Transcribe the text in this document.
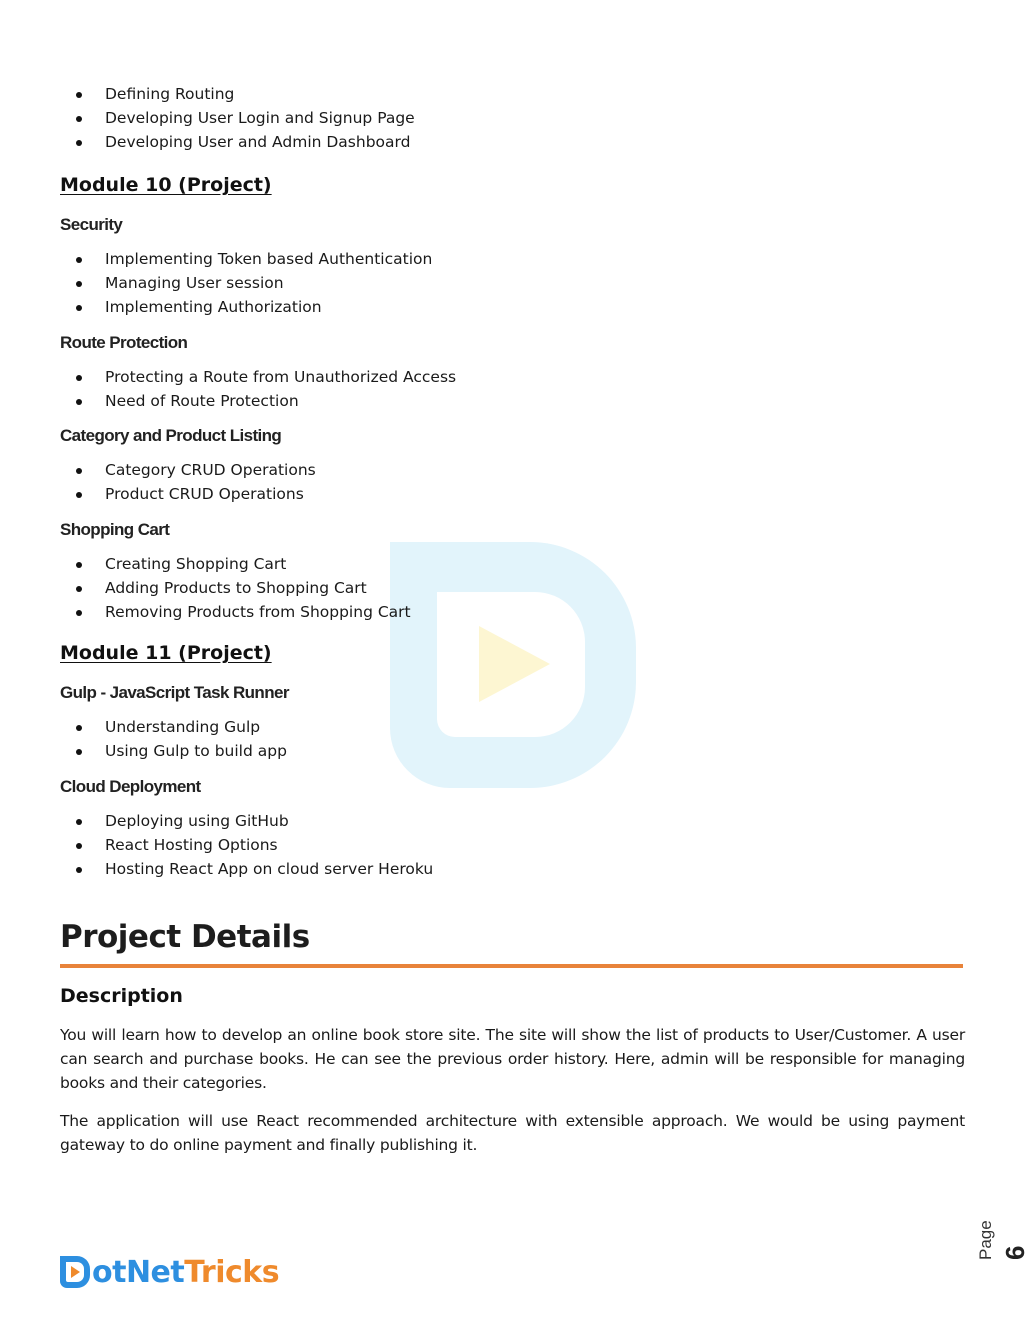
Defining Routing
Developing User Login and Signup Page
Developing User and Admin Dashboard
Module 10 (Project)
Security
Implementing Token based Authentication
Managing User session
Implementing Authorization
Route Protection
Protecting a Route from Unauthorized Access
Need of Route Protection
Category and Product Listing
Category CRUD Operations
Product CRUD Operations
Shopping Cart
Creating Shopping Cart
Adding Products to Shopping Cart
Removing Products from Shopping Cart
Module 11 (Project)
Gulp - JavaScript Task Runner
Understanding Gulp
Using Gulp to build app
Cloud Deployment
Deploying using GitHub
React Hosting Options
Hosting React App on cloud server Heroku
Project Details
Description

You will learn how to develop an online book store site. The site will show the list of products to User/Customer. A user can search and purchase books. He can see the previous order history. Here, admin will be responsible for managing books and their categories.

The application will use React recommended architecture with extensible approach. We would be using payment gateway to do online payment and finally publishing it.

Page 6
otNetTricks
